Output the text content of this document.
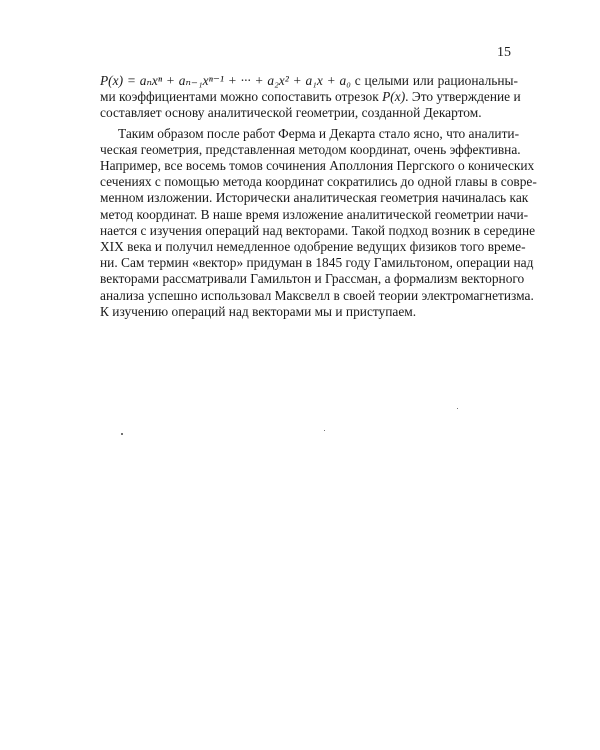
15
P(x) = aₙxⁿ + aₙ₋₁xⁿ⁻¹ + ··· + a₂x² + a₁x + a₀ с целыми или рациональны-
ми коэффициентами можно сопоставить отрезок P(x). Это утверждение и
составляет основу аналитической геометрии, созданной Декартом.
Таким образом после работ Ферма и Декарта стало ясно, что аналити-
ческая геометрия, представленная методом координат, очень эффективна.
Например, все восемь томов сочинения Аполлония Пергского о конических
сечениях с помощью метода координат сократились до одной главы в совре-
менном изложении. Исторически аналитическая геометрия начиналась как
метод координат. В наше время изложение аналитической геометрии начи-
нается с изучения операций над векторами. Такой подход возник в середине
XIX века и получил немедленное одобрение ведущих физиков того време-
ни. Сам термин «вектор» придуман в 1845 году Гамильтоном, операции над
векторами рассматривали Гамильтон и Грассман, а формализм векторного
анализа успешно использовал Максвелл в своей теории электромагнетизма.
К изучению операций над векторами мы и приступаем.
